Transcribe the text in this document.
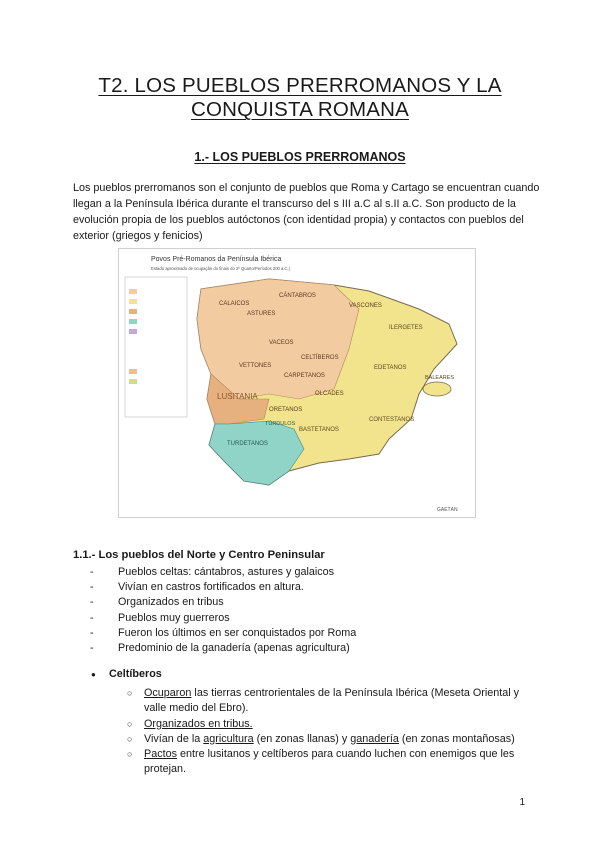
T2. LOS PUEBLOS PRERROMANOS Y LA CONQUISTA ROMANA
1.- LOS PUEBLOS PRERROMANOS

Los pueblos prerromanos son el conjunto de pueblos que Roma y Cartago se encuentran cuando llegan a la Península Ibérica durante el transcurso del s III a.C al s.II a.C. Son producto de la evolución propia de los pueblos autóctonos (con identidad propia) y contactos con pueblos del exterior (griegos y fenicios)

Povos Pré-Romanos da Península Ibérica
Estado aproximado de ocupação do finais do 2º Quarto/Períodos 200 a.C.)
CALAICOS
ASTURES
CÁNTABROS
VASCONES
VACEOS
LUSITANIA
CELTÍBEROS
CARPETANOS
OLCADES
TURDETANOS
BASTETANOS
CONTESTANOS
EDETANOS
ILERGETES
BALEARES
VETTONES
ORETANOS
TÚRDULOS
GAEТAN
1.1.- Los pueblos del Norte y Centro Peninsular
- Pueblos celtas: cántabros, astures y galaicos
- Vivían en castros fortificados en altura.
- Organizados en tribus
- Pueblos muy guerreros
- Fueron los últimos en ser conquistados por Roma
- Predominio de la ganadería (apenas agricultura)
● Celtíberos
○ Ocuparon las tierras centrorientales de la Península Ibérica (Meseta Oriental y valle medio del Ebro).
○ Organizados en tribus.
○ Vivían de la agricultura (en zonas llanas) y ganadería (en zonas montañosas)
○ Pactos entre lusitanos y celtíberos para cuando luchen con enemigos que les protejan.
1
